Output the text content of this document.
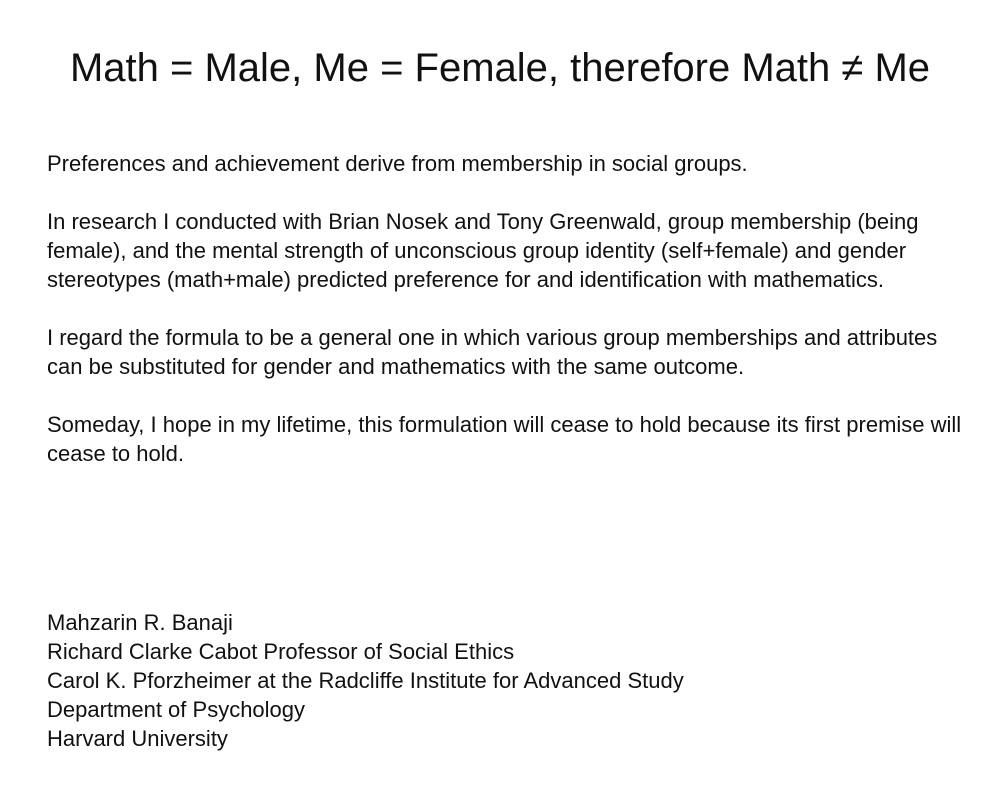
Math = Male, Me = Female, therefore Math ≠ Me

Preferences and achievement derive from membership in social groups.

In research I conducted with Brian Nosek and Tony Greenwald, group membership (being female), and the mental strength of unconscious group identity (self+female) and gender stereotypes (math+male) predicted preference for and identification with mathematics.

I regard the formula to be a general one in which various group memberships and attributes can be substituted for gender and mathematics with the same outcome.

Someday, I hope in my lifetime, this formulation will cease to hold because its first premise will cease to hold.

Mahzarin R. Banaji
Richard Clarke Cabot Professor of Social Ethics
Carol K. Pforzheimer at the Radcliffe Institute for Advanced Study
Department of Psychology
Harvard University
